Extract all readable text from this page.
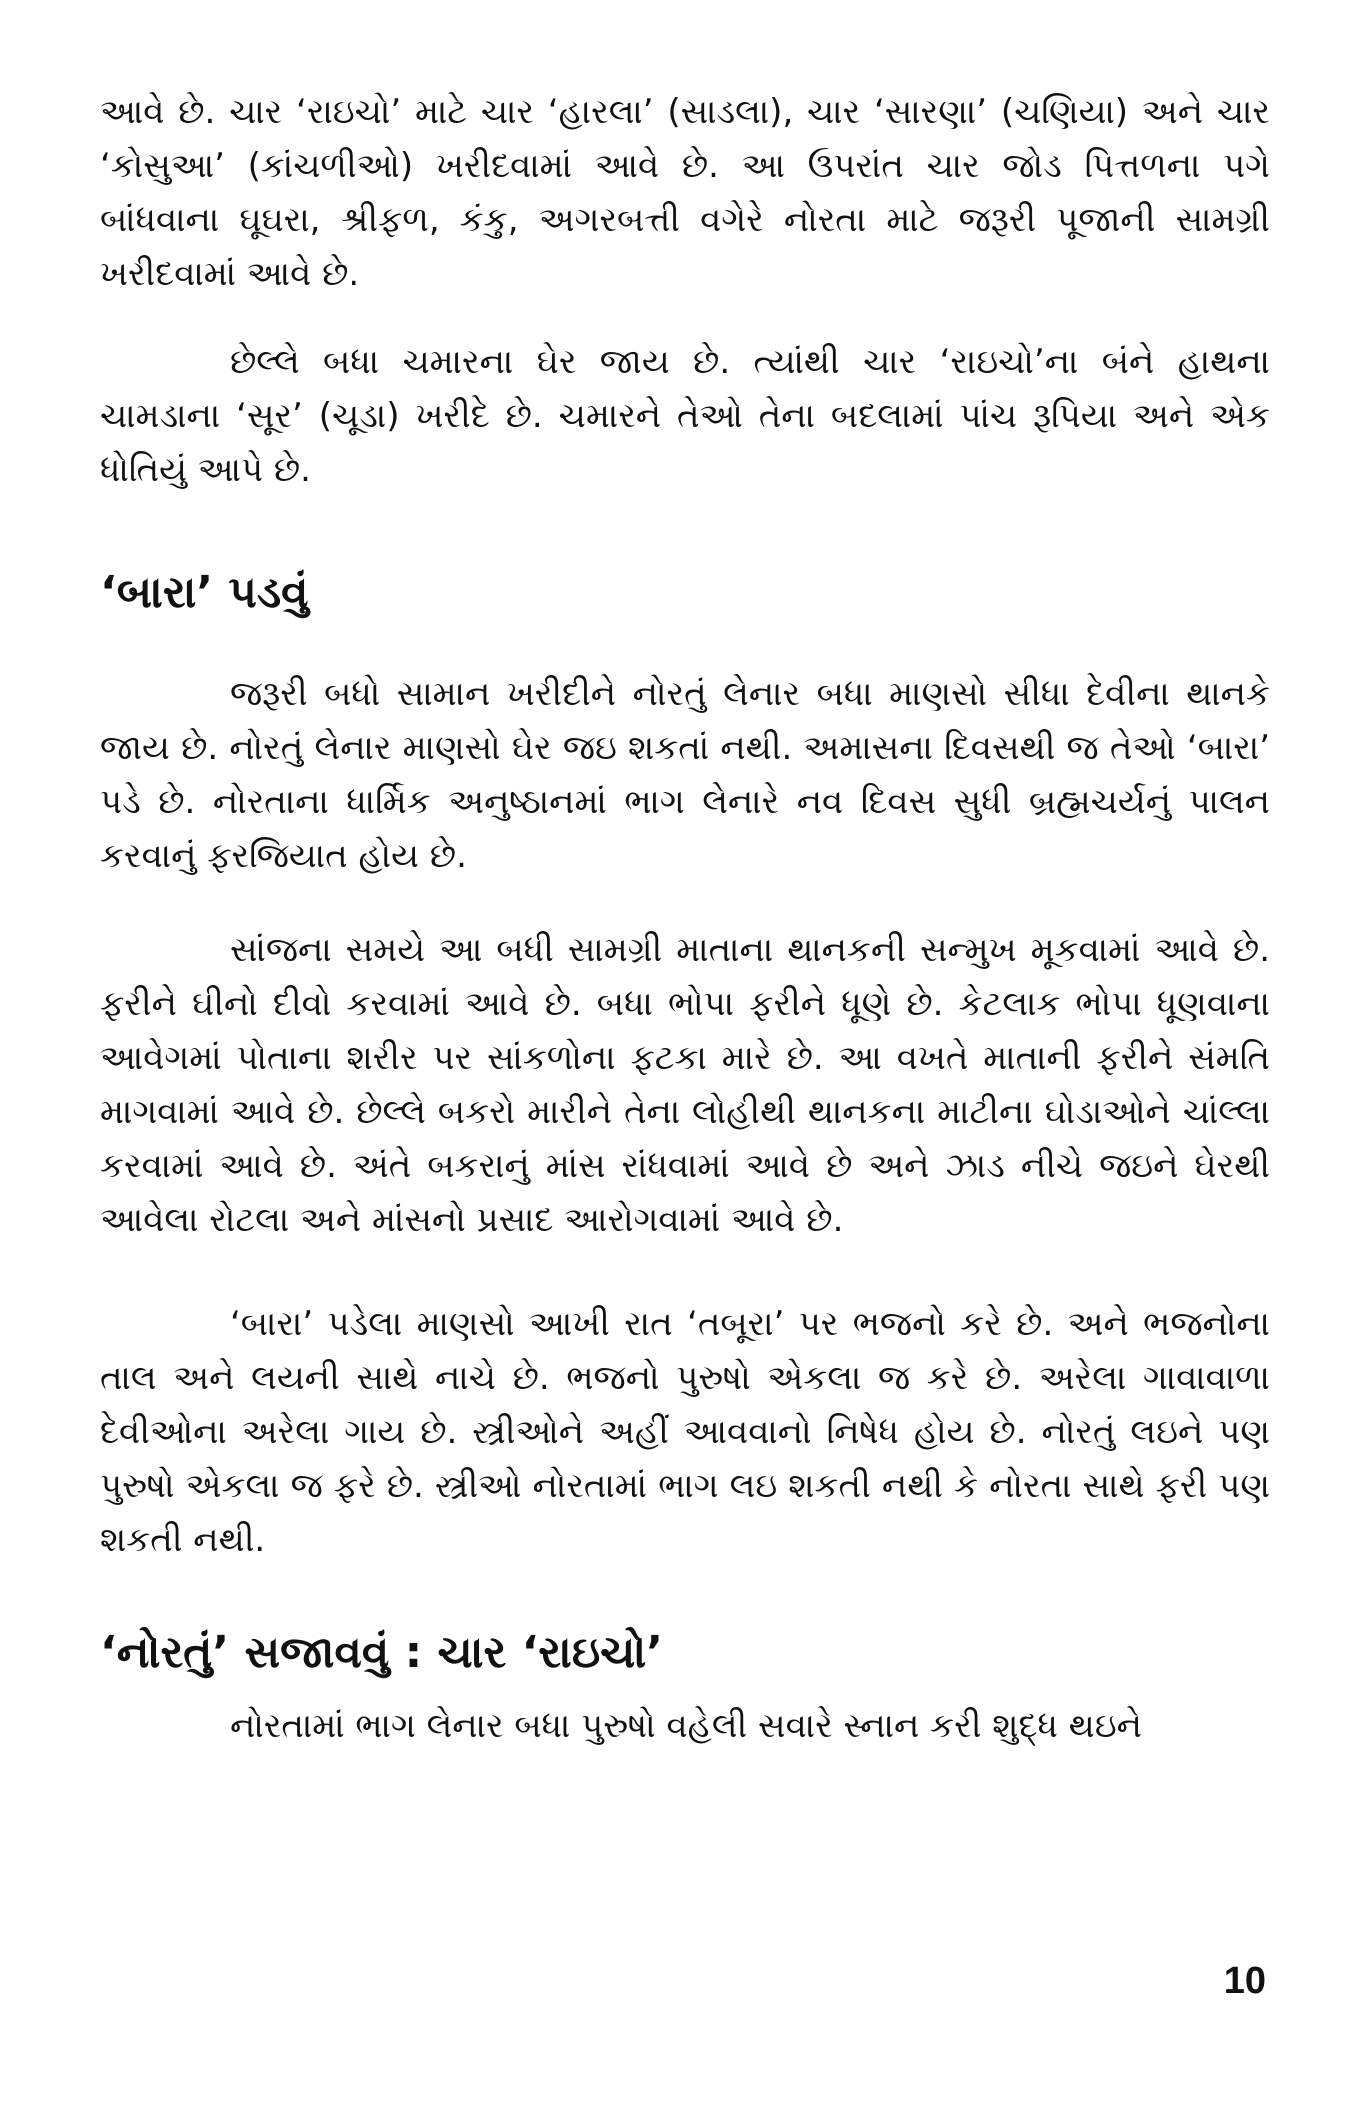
આવે છે. ચાર ‘રાઇચો’ માટે ચાર ‘હારલા’ (સાડલા), ચાર ‘સારણા’ (ચણિયા) અને ચાર ‘કોસુઆ’ (કાંચળીઓ) ખરીદવામાં આવે છે. આ ઉપરાંત ચાર જોડ પિત્તળના પગે બાંધવાના ઘૂઘરા, શ્રીફળ, કંકુ, અગરબત્તી વગેરે નોરતા માટે જરૂરી પૂજાની સામગ્રી ખરીદવામાં આવે છે.

છેલ્લે બધા ચમારના ઘેર જાય છે. ત્યાંથી ચાર ‘રાઇચો’ના બંને હાથના ચામડાના ‘સૂર’ (ચૂડા) ખરીદે છે. ચમારને તેઓ તેના બદલામાં પાંચ રૂપિયા અને એક ધોતિયું આપે છે.

‘બારા’ પડવું

જરૂરી બધો સામાન ખરીદીને નોરતું લેનાર બધા માણસો સીધા દેવીના થાનકે જાય છે. નોરતું લેનાર માણસો ઘેર જઇ શકતાં નથી. અમાસના દિવસથી જ તેઓ ‘બારા’ પડે છે. નોરતાના ધાર્મિક અનુષ્ઠાનમાં ભાગ લેનારે નવ દિવસ સુધી બ્રહ્મચર્યનું પાલન કરવાનું ફરજિયાત હોય છે.

સાંજના સમયે આ બધી સામગ્રી માતાના થાનકની સન્મુખ મૂકવામાં આવે છે. ફરીને ઘીનો દીવો કરવામાં આવે છે. બધા ભોપા ફરીને ધૂણે છે. કેટલાક ભોપા ધૂણવાના આવેગમાં પોતાના શરીર પર સાંકળોના ફટકા મારે છે. આ વખતે માતાની ફરીને સંમતિ માગવામાં આવે છે. છેલ્લે બકરો મારીને તેના લોહીથી થાનકના માટીના ઘોડાઓને ચાંલ્લા કરવામાં આવે છે. અંતે બકરાનું માંસ રાંધવામાં આવે છે અને ઝાડ નીચે જઇને ઘેરથી આવેલા રોટલા અને માંસનો પ્રસાદ આરોગવામાં આવે છે.

‘બારા’ પડેલા માણસો આખી રાત ‘તબૂરા’ પર ભજનો કરે છે. અને ભજનોના તાલ અને લયની સાથે નાચે છે. ભજનો પુરુષો એકલા જ કરે છે. અરેલા ગાવાવાળા દેવીઓના અરેલા ગાય છે. સ્ત્રીઓને અહીં આવવાનો નિષેધ હોય છે. નોરતું લઇને પણ પુરુષો એકલા જ ફરે છે. સ્ત્રીઓ નોરતામાં ભાગ લઇ શકતી નથી કે નોરતા સાથે ફરી પણ શકતી નથી.

‘નોરતું’ સજાવવું : ચાર ‘રાઇચો’

નોરતામાં ભાગ લેનાર બધા પુરુષો વહેલી સવારે સ્નાન કરી શુદ્ધ થઇને

10
